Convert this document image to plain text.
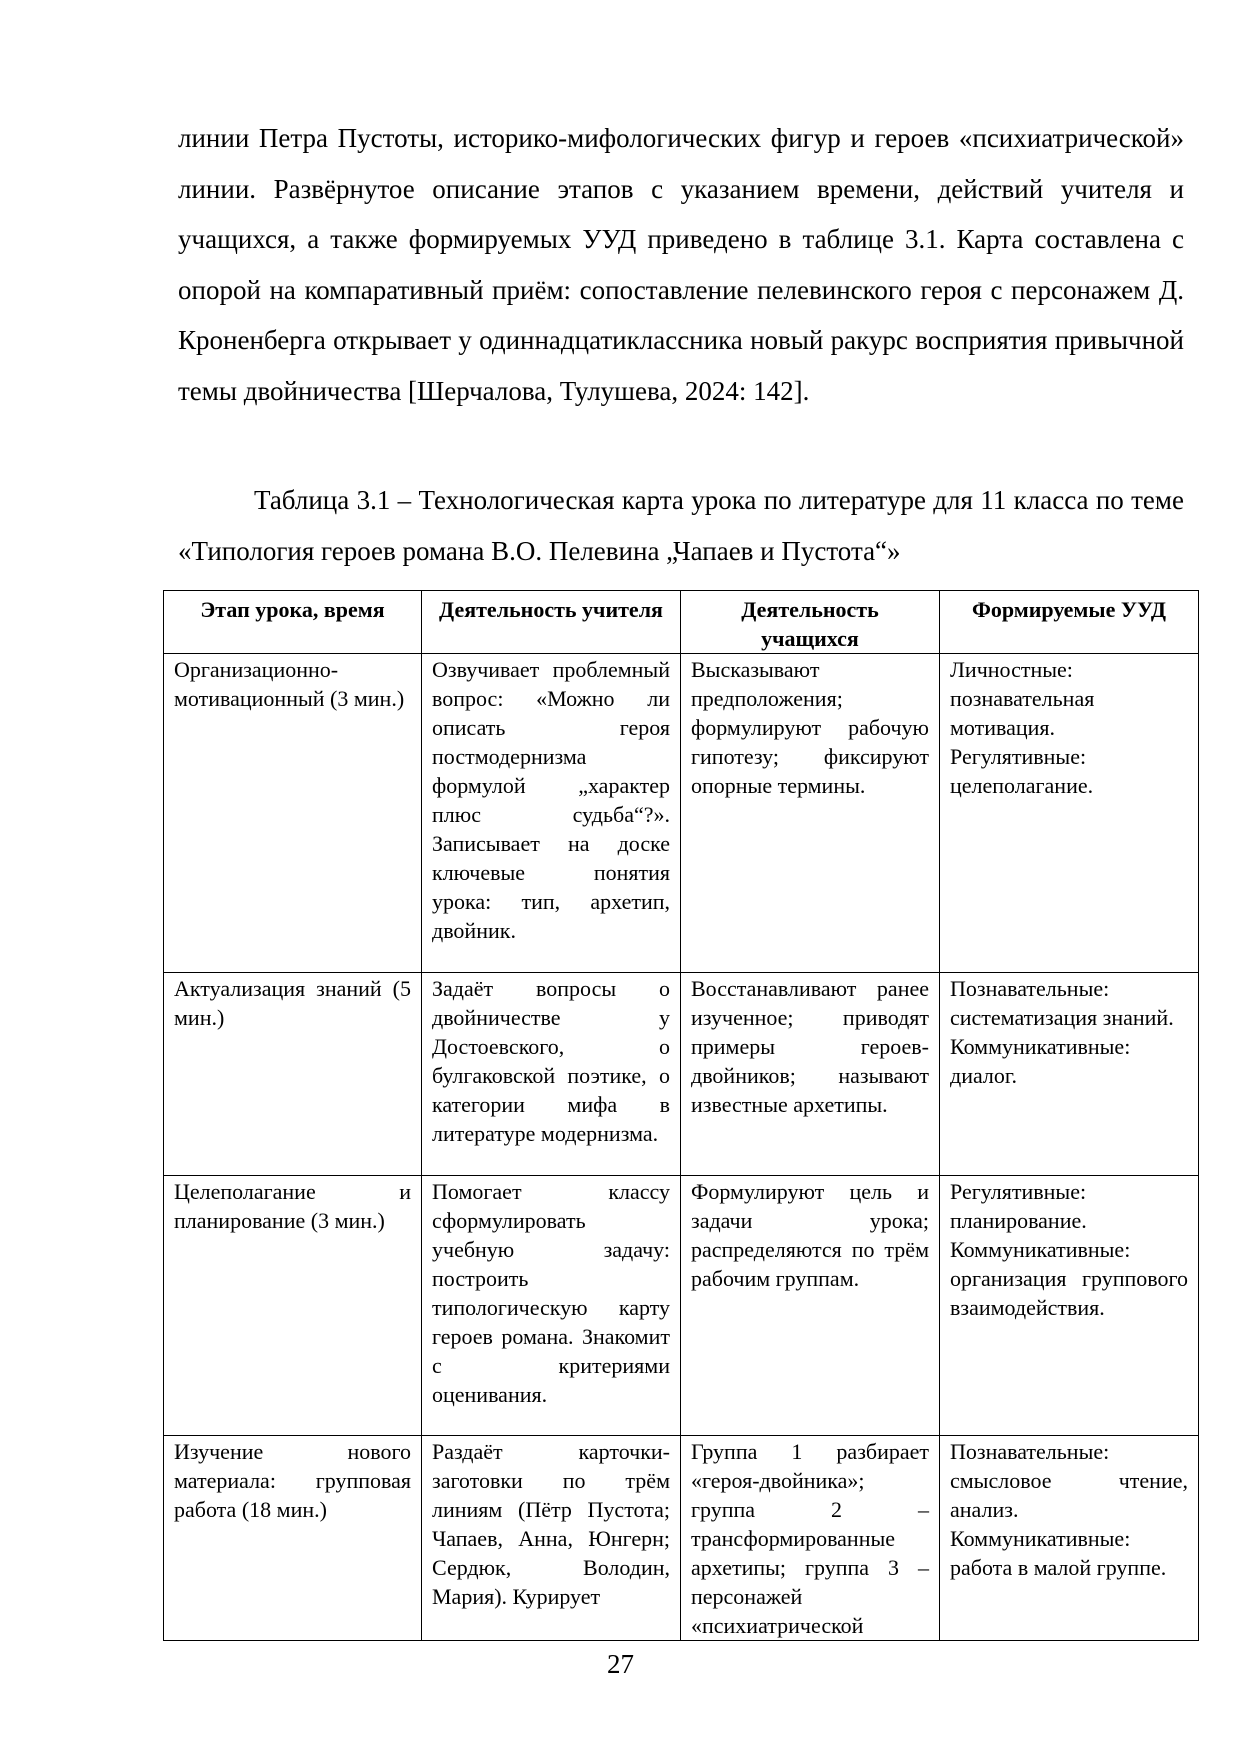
линии Петра Пустоты, историко-мифологических фигур и героев «психиатрической» линии. Развёрнутое описание этапов с указанием времени, действий учителя и учащихся, а также формируемых УУД приведено в таблице 3.1. Карта составлена с опорой на компаративный приём: сопоставление пелевинского героя с персонажем Д. Кроненберга открывает у одиннадцатиклассника новый ракурс восприятия привычной темы двойничества [Шерчалова, Тулушева, 2024: 142].

Таблица 3.1 – Технологическая карта урока по литературе для 11 класса по теме «Типология героев романа В.О. Пелевина „Чапаев и Пустота“»

Этап урока, время	Деятельность учителя	Деятельность учащихся	Формируемые УУД
Организационно-мотивационный (3 мин.)	Озвучивает проблемный вопрос: «Можно ли описать героя постмодернизма формулой „характер плюс судьба“?». Записывает на доске ключевые понятия урока: тип, архетип, двойник.	Высказывают предположения; формулируют рабочую гипотезу; фиксируют опорные термины.	Личностные:
познавательная мотивация.
Регулятивные:
целеполагание.

Актуализация знаний (5 мин.)	Задаёт вопросы о двойничестве у Достоевского, о булгаковской поэтике, о категории мифа в литературе модернизма.	Восстанавливают ранее изученное; приводят примеры героев-двойников; называют известные архетипы.	Познавательные:
систематизация знаний.
Коммуникативные:
диалог.

Целеполагание и планирование (3 мин.)	Помогает классу сформулировать учебную задачу: построить типологическую карту героев романа. Знакомит с критериями оценивания.	Формулируют цель и задачи урока; распределяются по трём рабочим группам.	Регулятивные:
планирование.
Коммуникативные:
организация группового взаимодействия.

Изучение нового материала: групповая работа (18 мин.)	Раздаёт карточки-заготовки по трём линиям (Пётр Пустота; Чапаев, Анна, Юнгерн; Сердюк, Володин, Мария). Курирует	Группа 1 разбирает «героя-двойника»; группа 2 – трансформированные архетипы; группа 3 – персонажей «психиатрической	Познавательные:
смысловое чтение, анализ.
Коммуникативные:
работа в малой группе.
27
